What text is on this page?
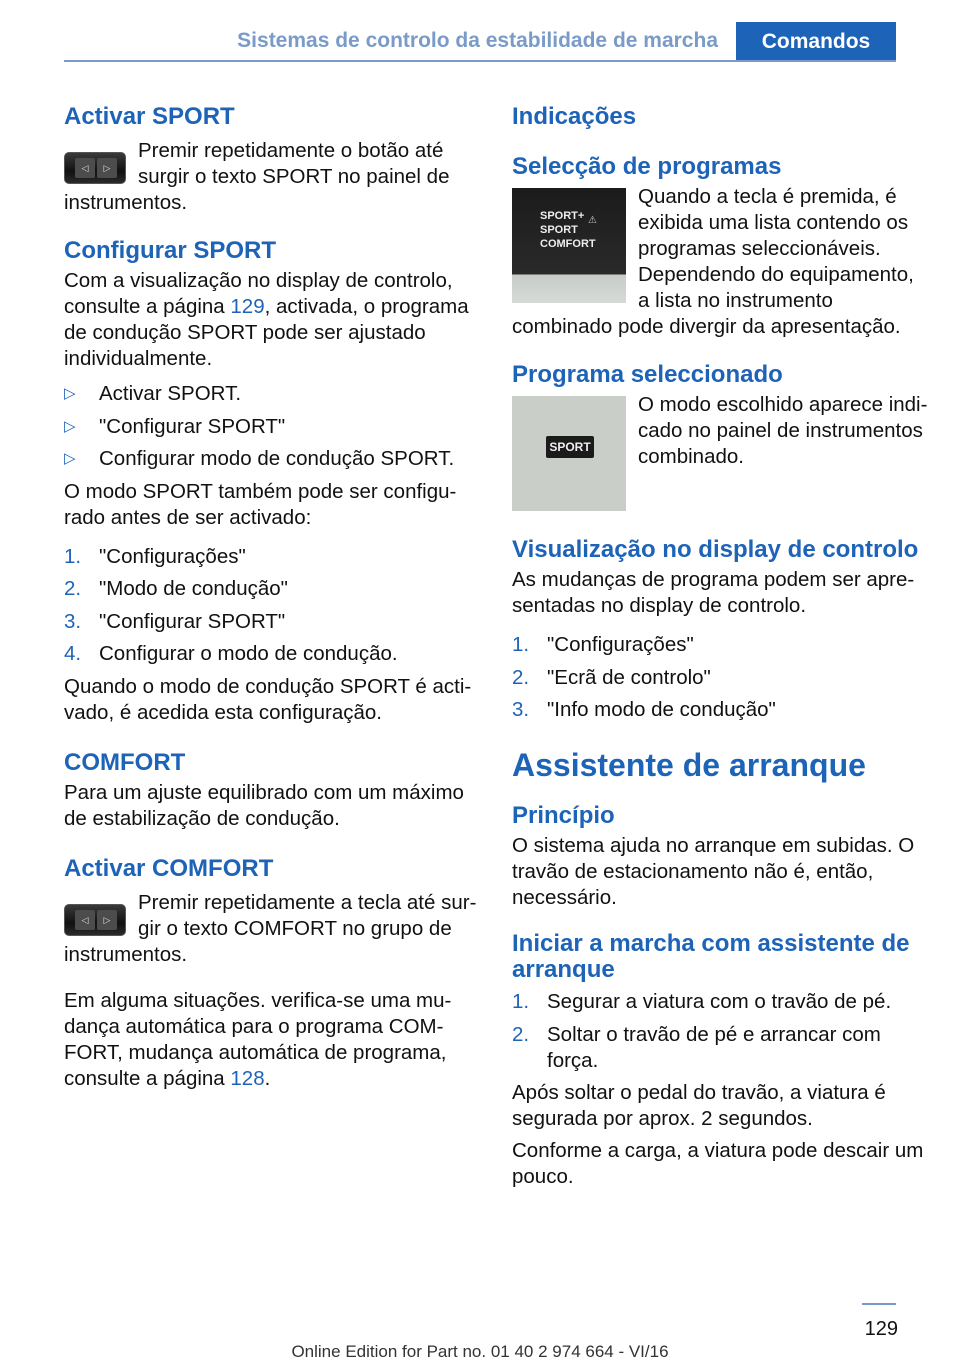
Sistemas de controlo da estabilidade de marcha	Comandos
Activar SPORT
◁	▷

Premir repetidamente o botão até surgir o texto SPORT no painel de instrumentos.

Configurar SPORT

Com a visualização no display de controlo, consulte a página 129, activada, o programa de condução SPORT pode ser ajustado individualmente.

▷ Activar SPORT.
▷ "Configurar SPORT"
▷ Configurar modo de condução SPORT.

O modo SPORT também pode ser configurado antes de ser activado:

1. "Configurações"
2. "Modo de condução"
3. "Configurar SPORT"
4. Configurar o modo de condução.

Quando o modo de condução SPORT é activado, é acedida esta configuração.

COMFORT

Para um ajuste equilibrado com um máximo de estabilização de condução.

Activar COMFORT
◁	▷

Premir repetidamente a tecla até surgir o texto COMFORT no grupo de instrumentos.

Em alguma situações. verifica-se uma mudança automática para o programa COMFORT, mudança automática de programa, consulte a página 128.

Indicações
Selecção de programas
SPORT+
SPORT
COMFORT
⚠

Quando a tecla é premida, é exibida uma lista contendo os programas seleccionáveis. Dependendo do equipamento, a lista no instrumento combinado pode divergir da apresentação.

Programa seleccionado
SPORT

O modo escolhido aparece indicado no painel de instrumentos combinado.

Visualização no display de controlo

As mudanças de programa podem ser apresentadas no display de controlo.

1. "Configurações"
2. "Ecrã de controlo"
3. "Info modo de condução"
Assistente de arranque
Princípio

O sistema ajuda no arranque em subidas. O travão de estacionamento não é, então, necessário.

Iniciar a marcha com assistente de arranque
1. Segurar a viatura com o travão de pé.
2. Soltar o travão de pé e arrancar com força.

Após soltar o pedal do travão, a viatura é segurada por aprox. 2 segundos.

Conforme a carga, a viatura pode descair um pouco.

129
Online Edition for Part no. 01 40 2 974 664 - VI/16
